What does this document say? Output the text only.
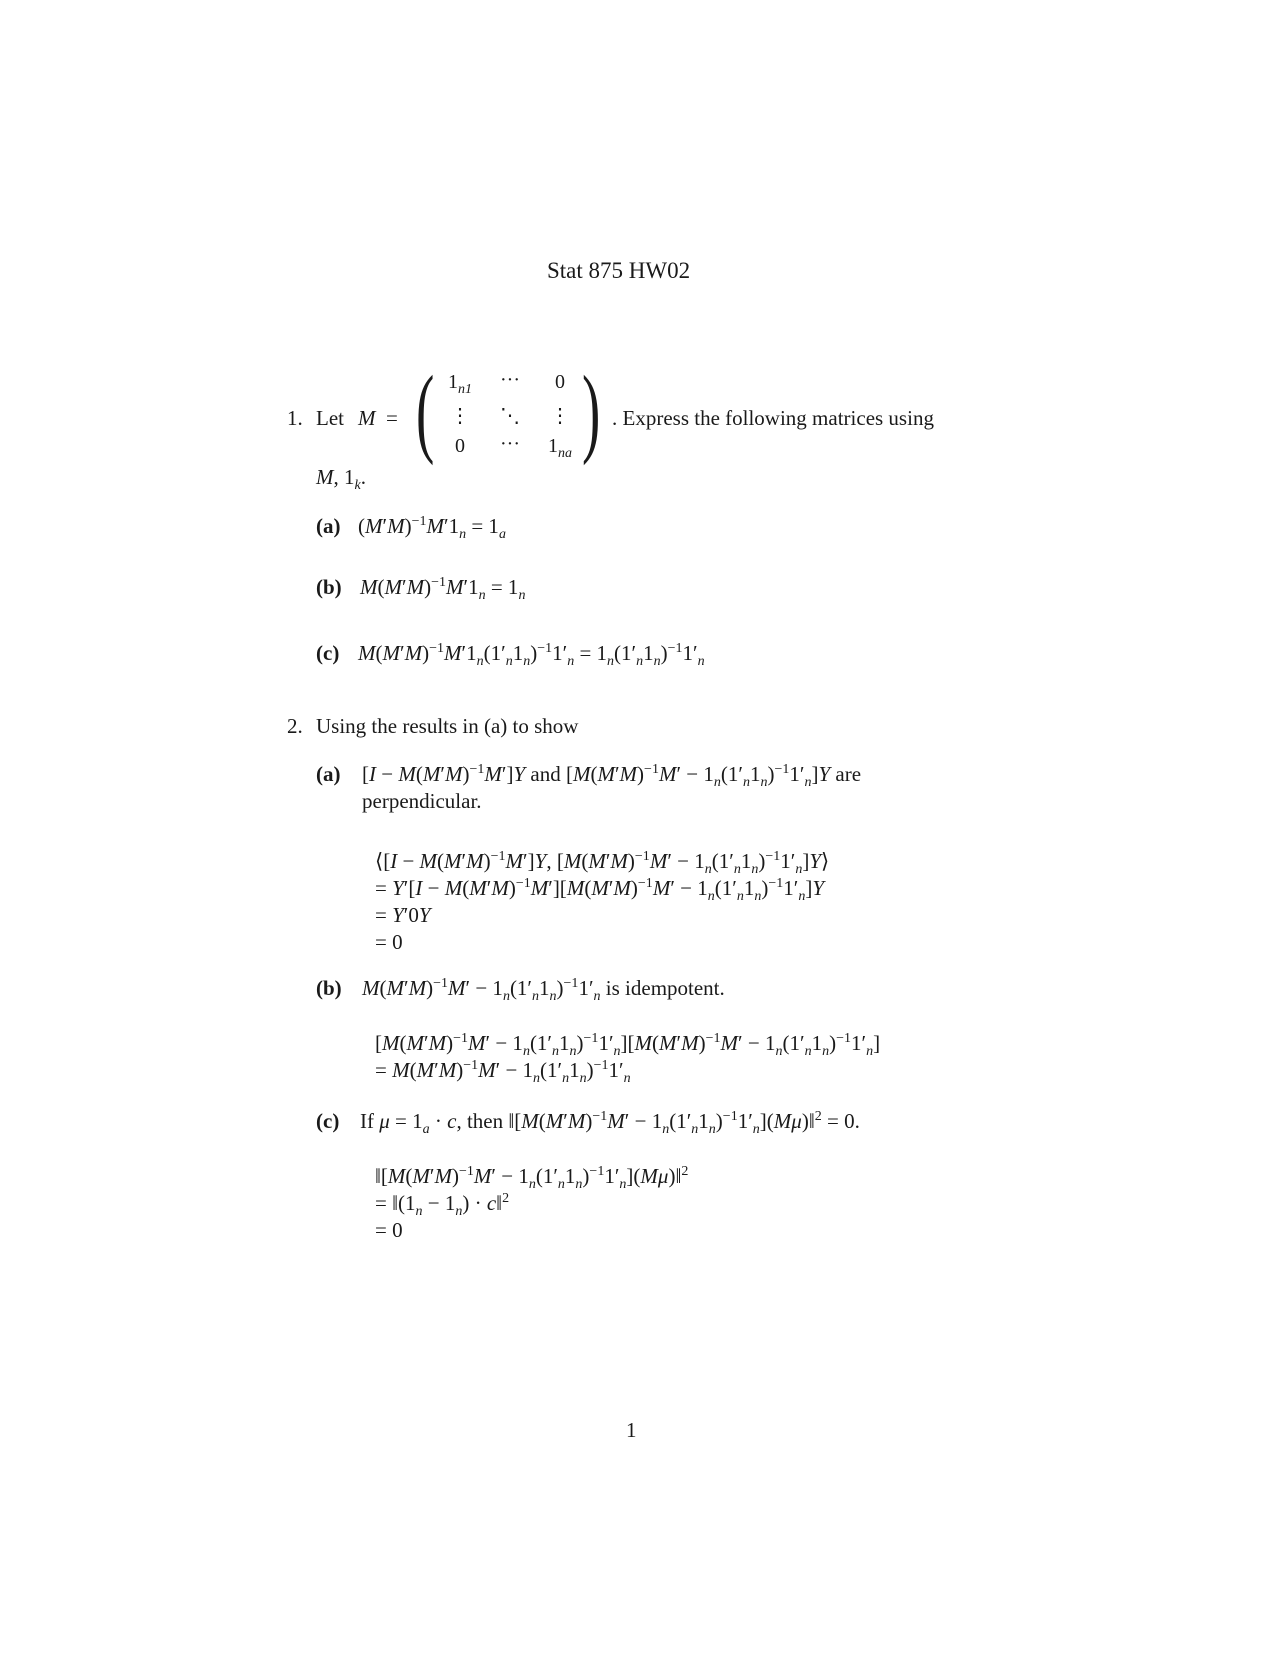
Stat 875 HW02
1. Let M = ( )
$1_{n1}$	···	0
⋮	⋱	⋮
0	···	$1_{na}$
. Express the following matrices using
M, $1_k$.
(a) $(M'M)^{-1}M'1_n = 1_a$
(b) $M(M'M)^{-1}M'1_n = 1_n$
(c) $M(M'M)^{-1}M'1_n(1'_n1_n)^{-1}1'_n = 1_n(1'_n1_n)^{-1}1'_n$
2. Using the results in (a) to show
(a) $[I - M(M'M)^{-1}M']Y$ and $[M(M'M)^{-1}M' - 1_n(1'_n1_n)^{-1}1'_n]Y$ are
perpendicular.
⟨[I − $M(M'M)^{-1}M']Y$, [$M(M'M)^{-1}M'$ − $1_n(1'_n1_n)^{-1}1'_n]Y⟩$
= $Y'[I - M(M'M)^{-1}M'][M(M'M)^{-1}M' - 1_n(1'_n1_n)^{-1}1'_n]Y$
= Y′0Y
= 0
(b) $M(M'M)^{-1}M' - 1_n(1'_n1_n)^{-1}1'_n$ is idempotent.
$[M(M'M)^{-1}M' - 1_n(1'_n1_n)^{-1}1'_n][M(M'M)^{-1}M' - 1_n(1'_n1_n)^{-1}1'_n]$
= $M(M'M)^{-1}M' - 1_n(1'_n1_n)^{-1}1'_n$
(c) If $\mu = 1_a \cdot c$, then $‖[M(M'M)^{-1}M'$ − $1_n(1'_n1_n)^{-1}1'_n](M\mu)‖^2 = 0$.
$‖[M(M'M)^{-1}M'$ − $1_n(1'_n1_n)^{-1}1'_n](M\mu)‖^2$
= $‖(1_n - 1_n)$ · c‖$^2$
= 0
1
